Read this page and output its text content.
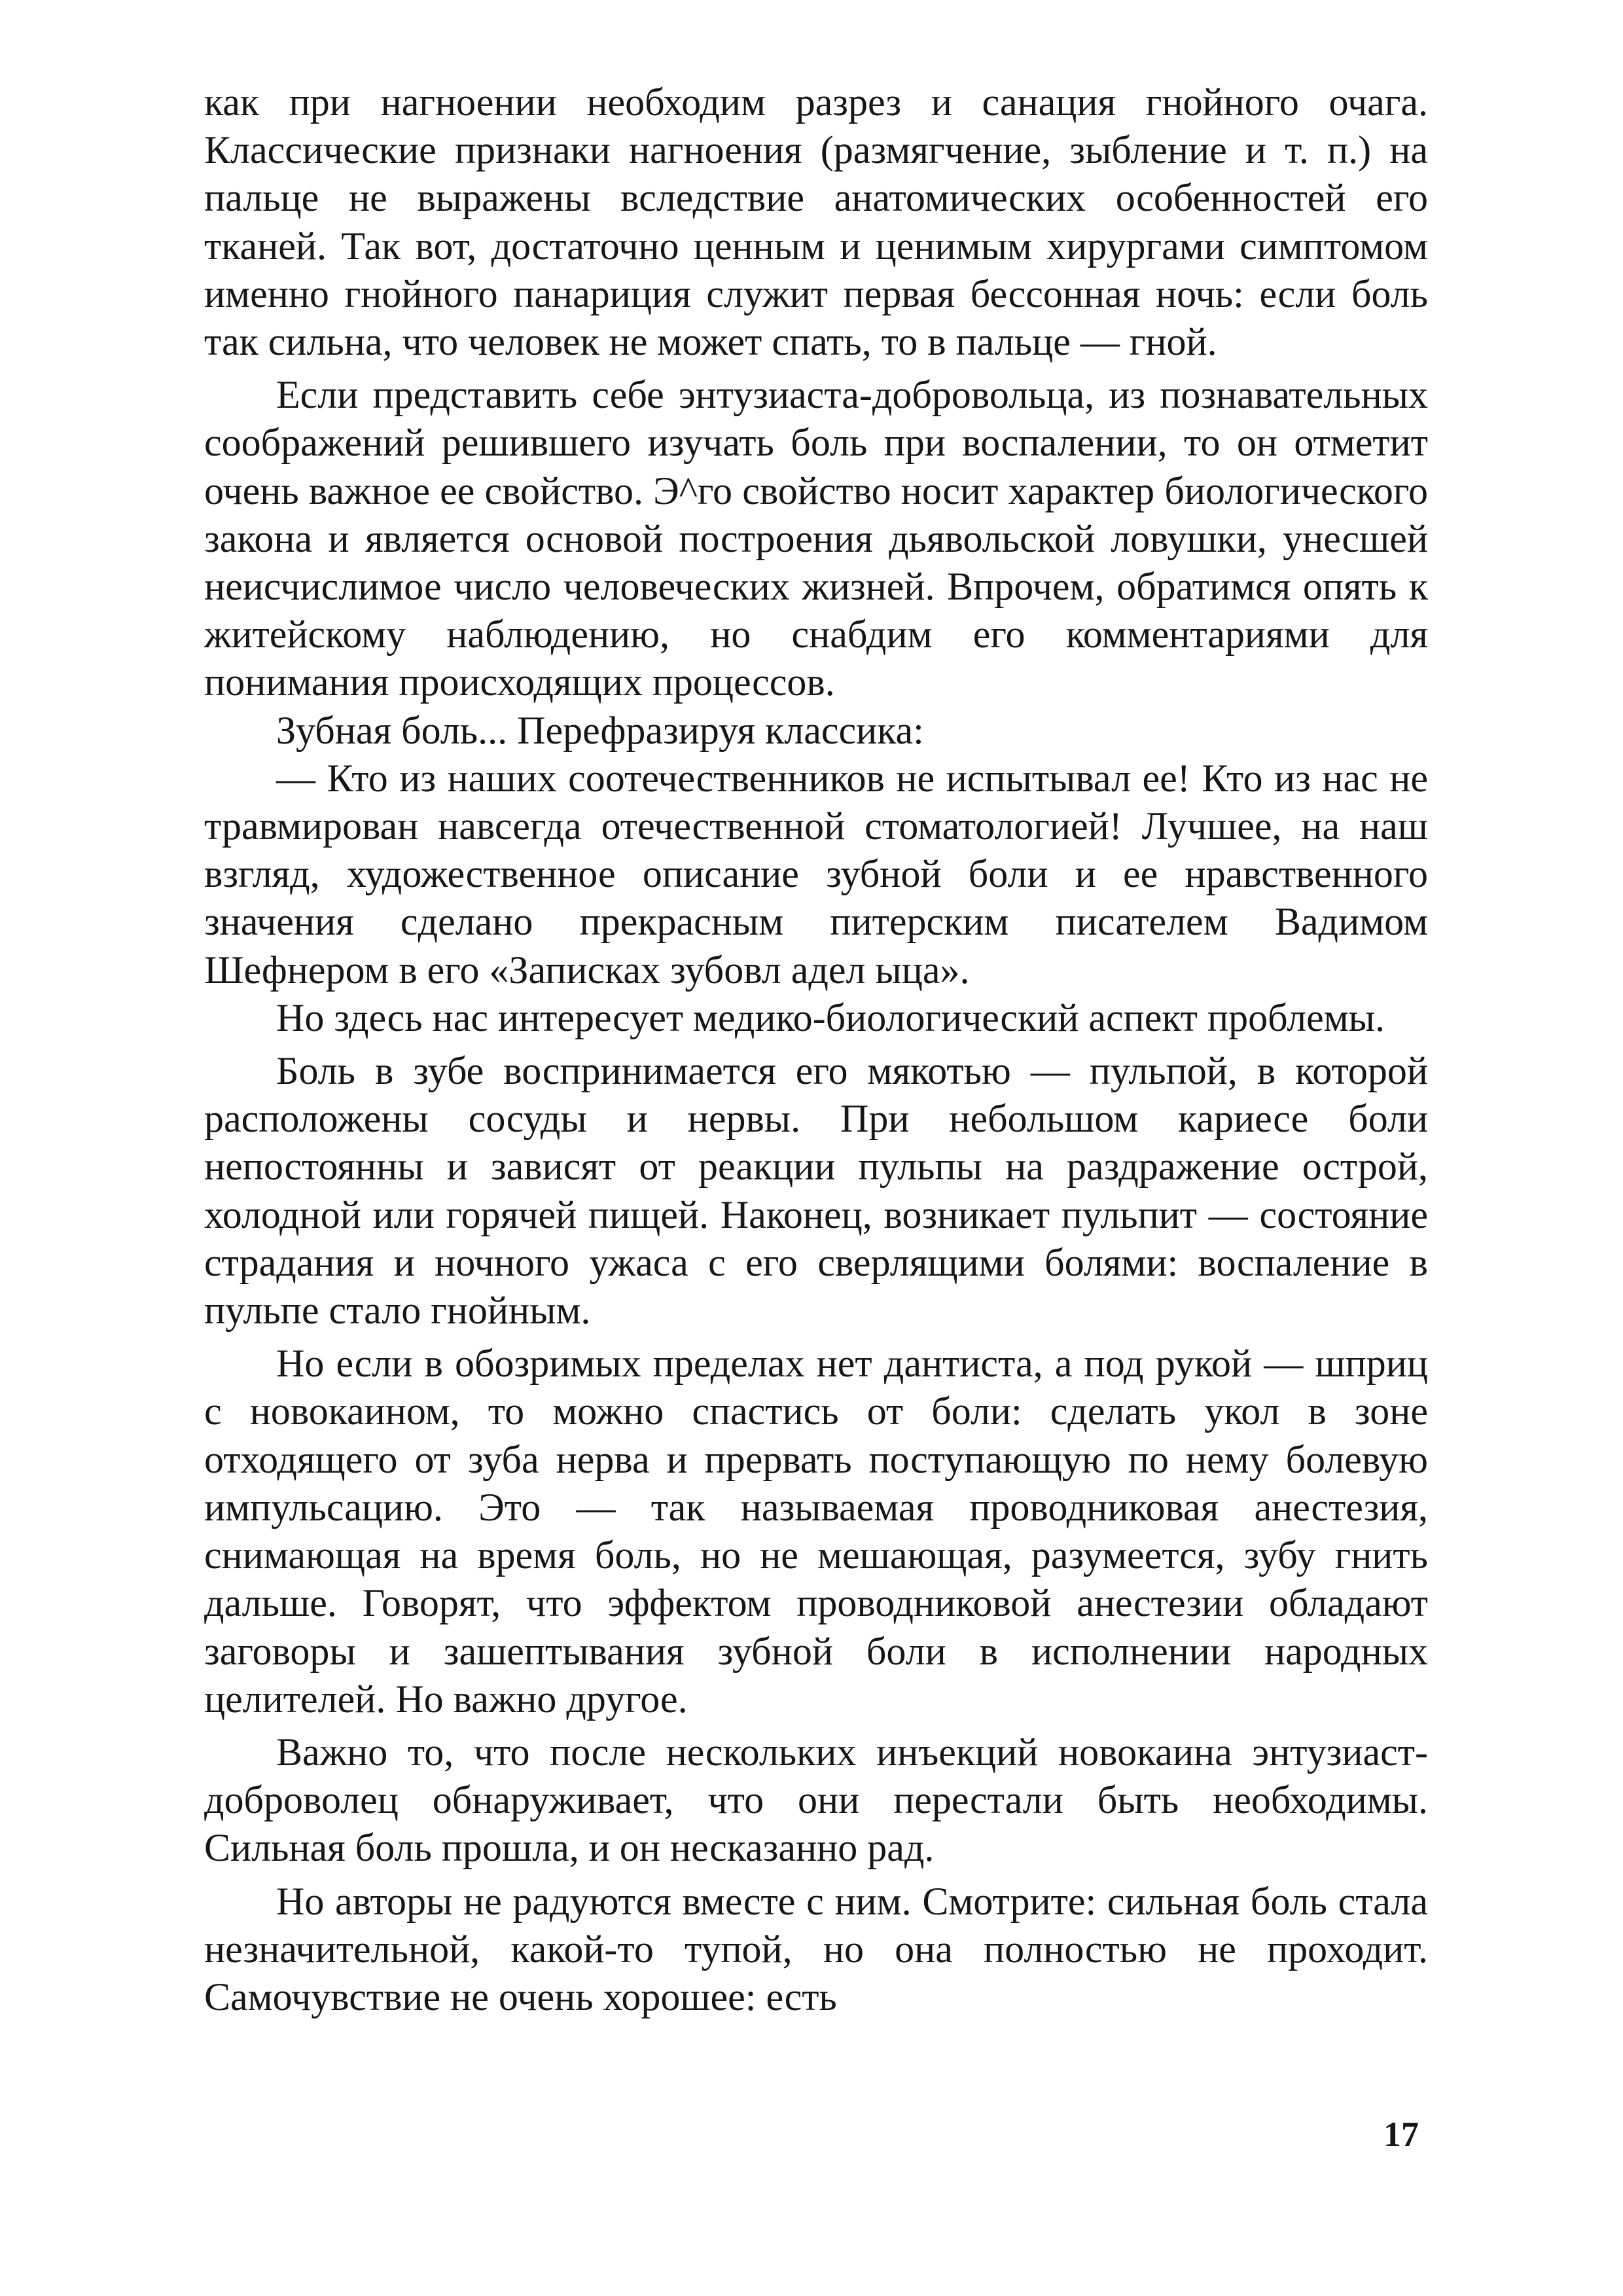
как при нагноении необходим разрез и санация гнойного очага. Классические признаки нагноения (размягчение, зыбление и т. п.) на пальце не выражены вследствие анатомических особенностей его тканей. Так вот, достаточно ценным и ценимым хирургами симптомом именно гнойного панариция служит первая бессонная ночь: если боль так сильна, что человек не может спать, то в пальце — гной.

Если представить себе энтузиаста-добровольца, из познавательных соображений решившего изучать боль при воспалении, то он отметит очень важное ее свойство. Э^го свойство носит характер биологического закона и является основой построения дьявольской ловушки, унесшей неисчислимое число человеческих жизней. Впрочем, обратимся опять к житейскому наблюдению, но снабдим его комментариями для понимания происходящих процессов.

Зубная боль... Перефразируя классика:

— Кто из наших соотечественников не испытывал ее! Кто из нас не травмирован навсегда отечественной стоматологией! Лучшее, на наш взгляд, художественное описание зубной боли и ее нравственного значения сделано прекрасным питерским писателем Вадимом Шефнером в его «Записках зубовл адел ыца».

Но здесь нас интересует медико-биологический аспект проблемы.

Боль в зубе воспринимается его мякотью — пульпой, в которой расположены сосуды и нервы. При небольшом кариесе боли непостоянны и зависят от реакции пульпы на раздражение острой, холодной или горячей пищей. Наконец, возникает пульпит — состояние страдания и ночного ужаса с его сверлящими болями: воспаление в пульпе стало гнойным.

Но если в обозримых пределах нет дантиста, а под рукой — шприц с новокаином, то можно спастись от боли: сделать укол в зоне отходящего от зуба нерва и прервать поступающую по нему болевую импульсацию. Это — так называемая проводниковая анестезия, снимающая на время боль, но не мешающая, разумеется, зубу гнить дальше. Говорят, что эффектом проводниковой анестезии обладают заговоры и зашептывания зубной боли в исполнении народных целителей. Но важно другое.

Важно то, что после нескольких инъекций новокаина энтузиаст-доброволец обнаруживает, что они перестали быть необходимы. Сильная боль прошла, и он несказанно рад.

Но авторы не радуются вместе с ним. Смотрите: сильная боль стала незначительной, какой-то тупой, но она полностью не проходит. Самочувствие не очень хорошее: есть

17
